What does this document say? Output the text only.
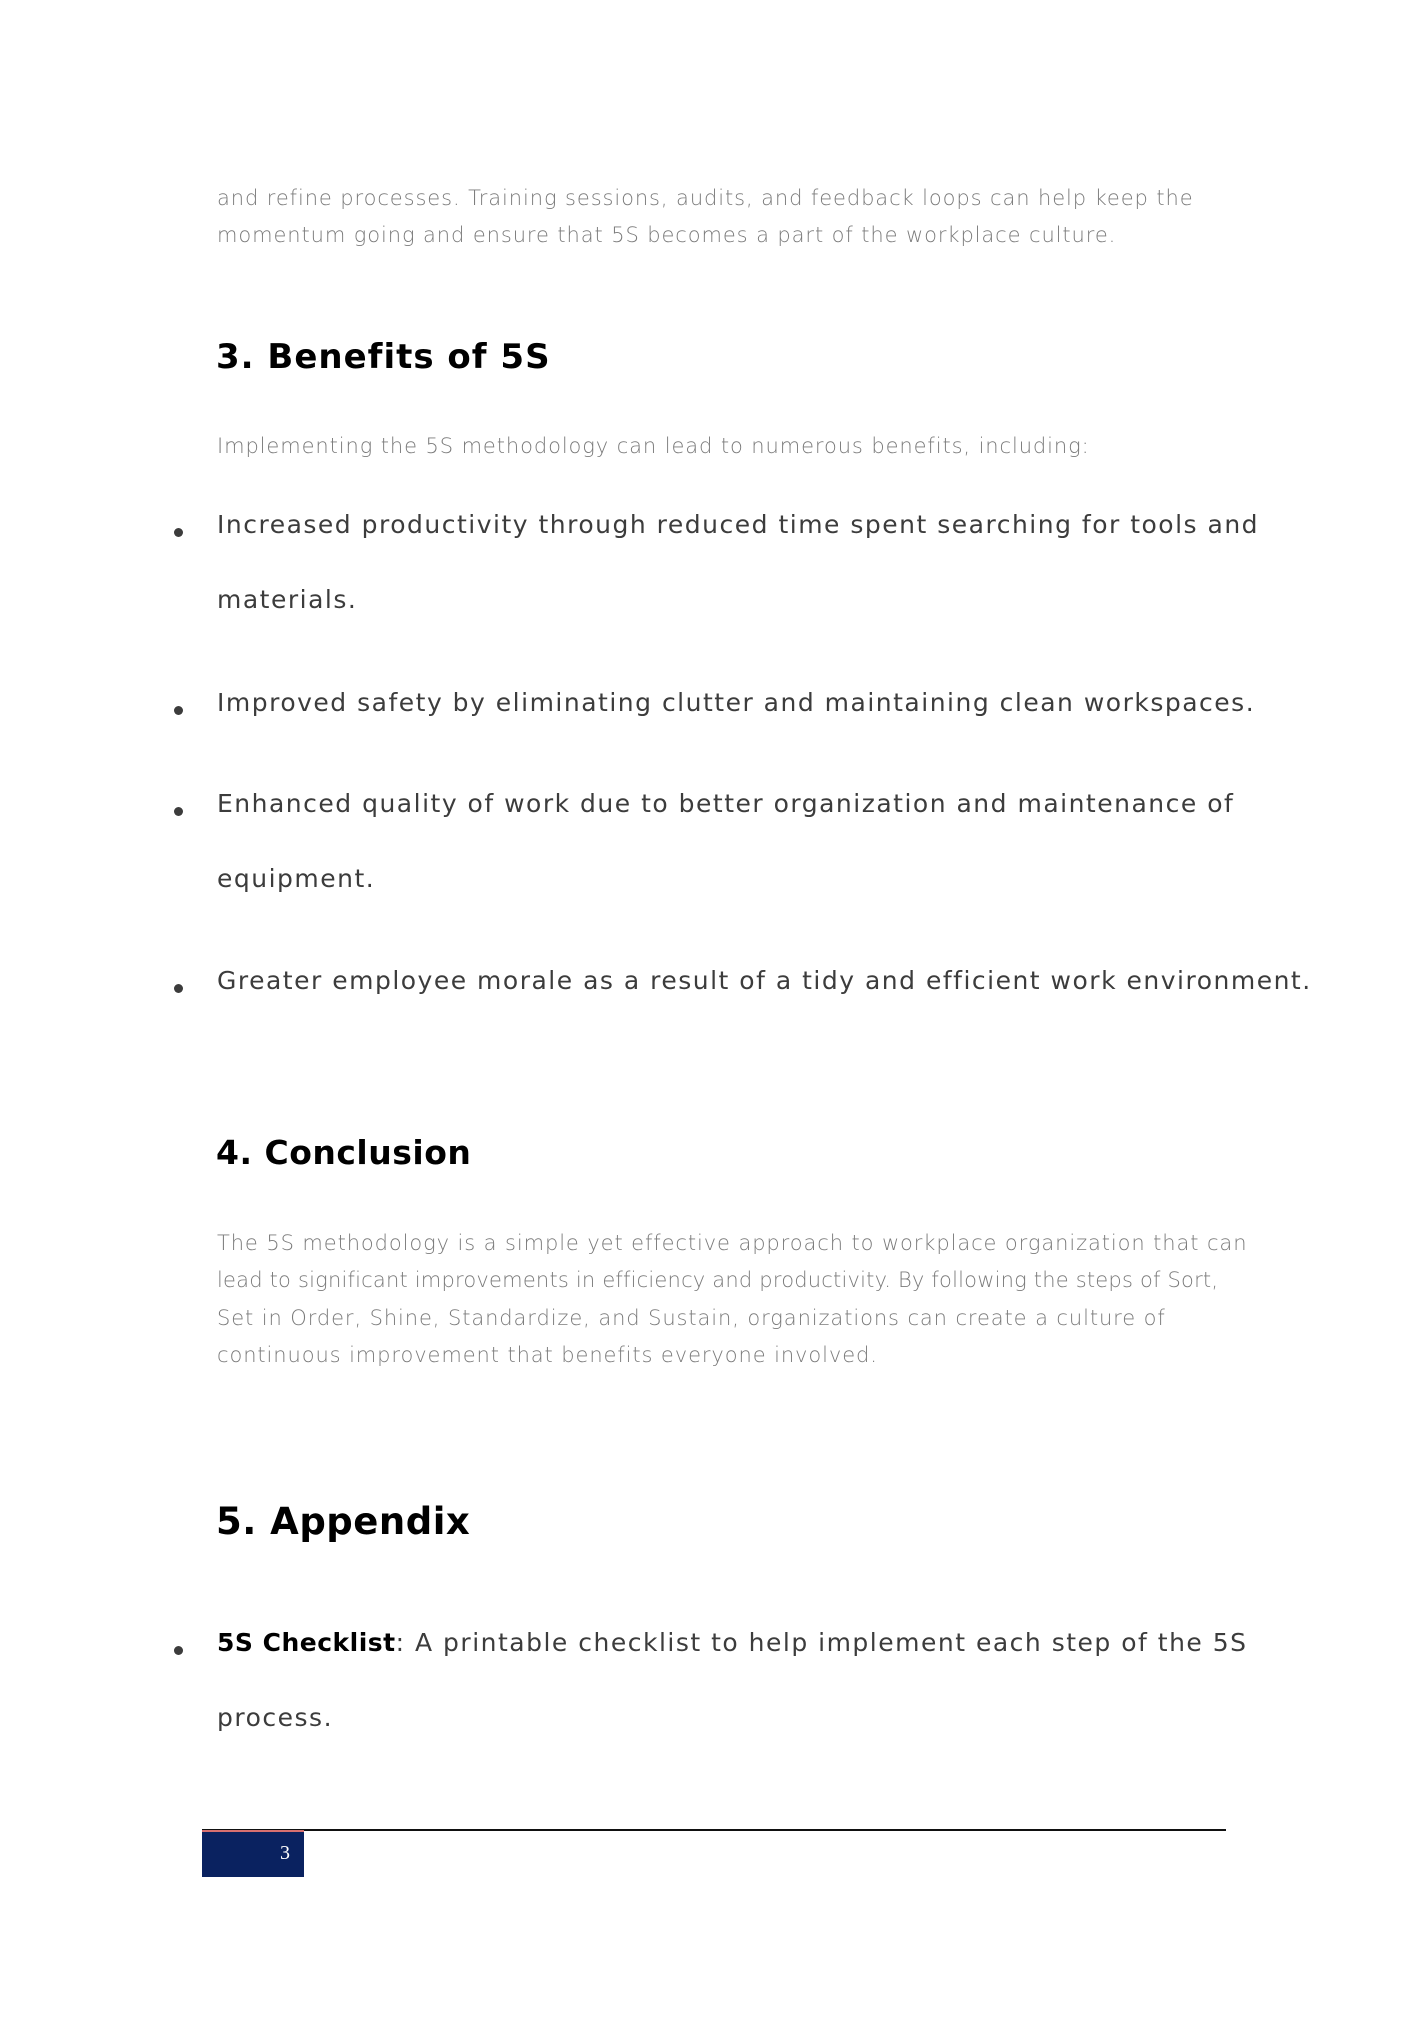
and refine processes. Training sessions, audits, and feedback loops can help keep the
momentum going and ensure that 5S becomes a part of the workplace culture.
3. Benefits of 5S
Implementing the 5S methodology can lead to numerous benefits, including:
Increased productivity through reduced time spent searching for tools and
materials.
Improved safety by eliminating clutter and maintaining clean workspaces.
Enhanced quality of work due to better organization and maintenance of
equipment.
Greater employee morale as a result of a tidy and efficient work environment.
4. Conclusion
The 5S methodology is a simple yet effective approach to workplace organization that can
lead to significant improvements in efficiency and productivity. By following the steps of Sort,
Set in Order, Shine, Standardize, and Sustain, organizations can create a culture of
continuous improvement that benefits everyone involved.
5. Appendix
5S Checklist: A printable checklist to help implement each step of the 5S
process.
3
